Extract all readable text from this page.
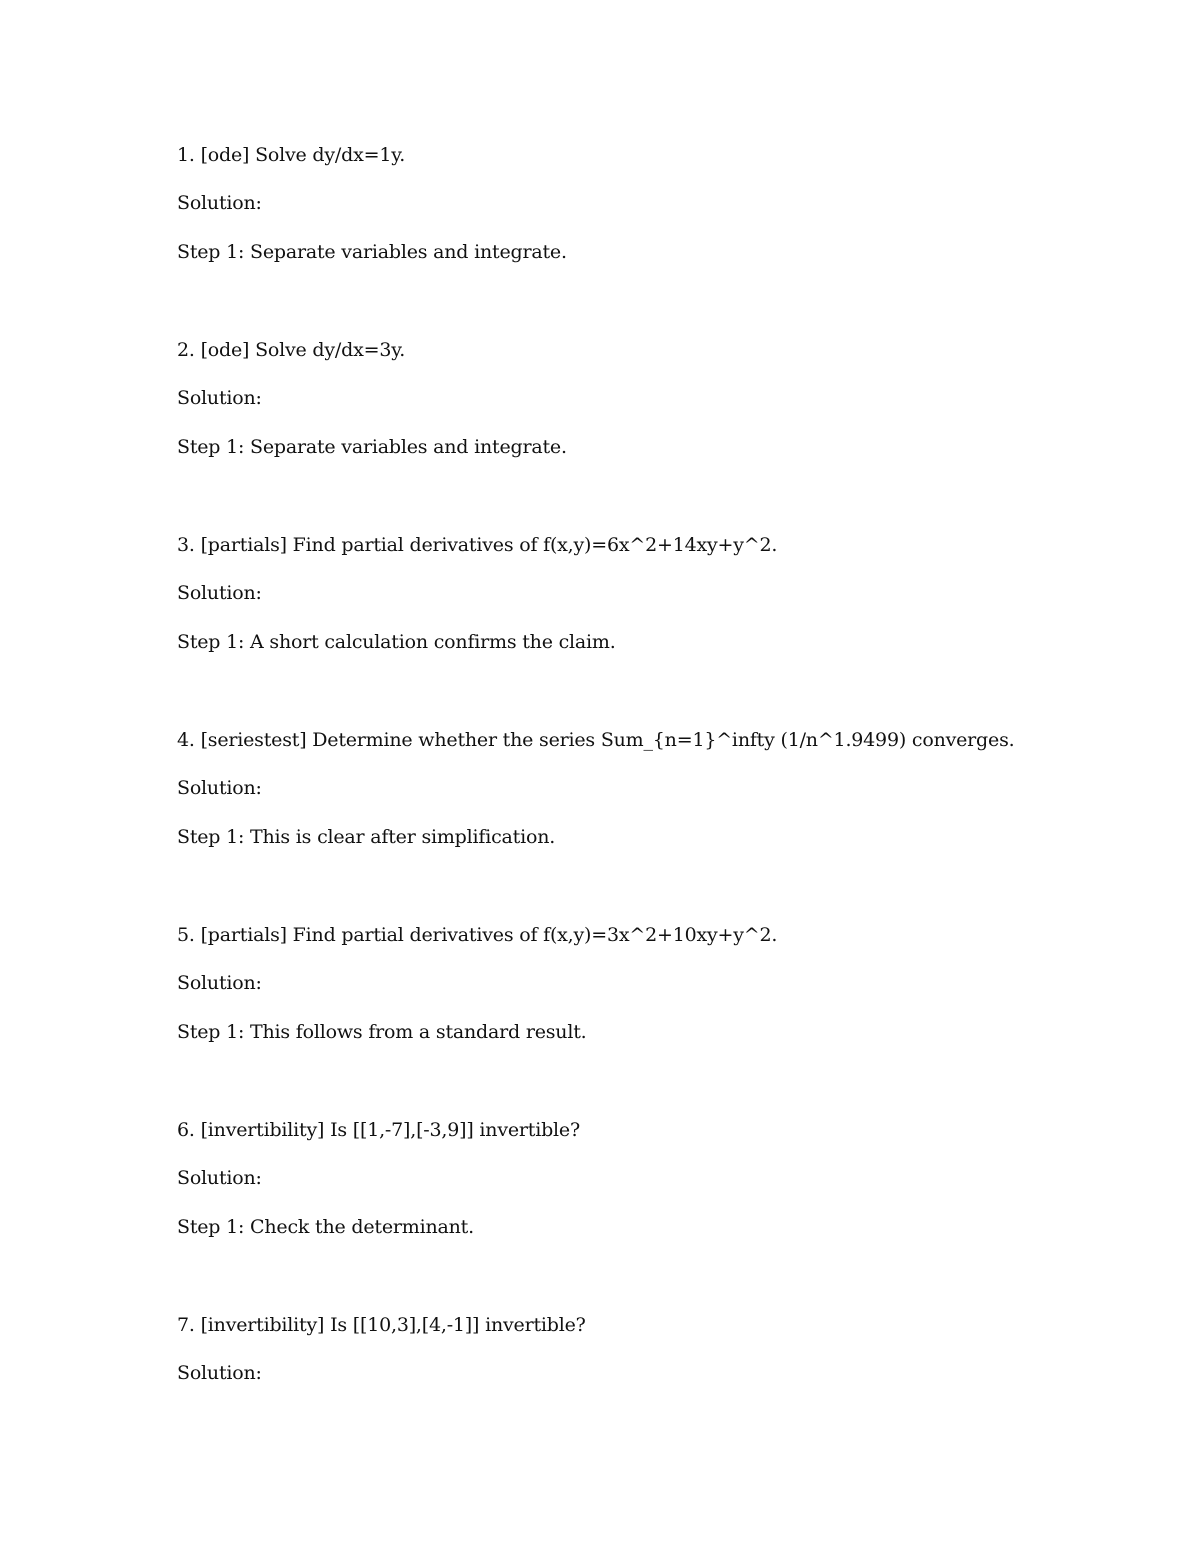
1. [ode] Solve dy/dx=1y.
Solution:
Step 1: Separate variables and integrate.
2. [ode] Solve dy/dx=3y.
Solution:
Step 1: Separate variables and integrate.
3. [partials] Find partial derivatives of f(x,y)=6x^2+14xy+y^2.
Solution:
Step 1: A short calculation confirms the claim.
4. [seriestest] Determine whether the series Sum_{n=1}^infty (1/n^1.9499) converges.
Solution:
Step 1: This is clear after simplification.
5. [partials] Find partial derivatives of f(x,y)=3x^2+10xy+y^2.
Solution:
Step 1: This follows from a standard result.
6. [invertibility] Is [[1,-7],[-3,9]] invertible?
Solution:
Step 1: Check the determinant.
7. [invertibility] Is [[10,3],[4,-1]] invertible?
Solution:
